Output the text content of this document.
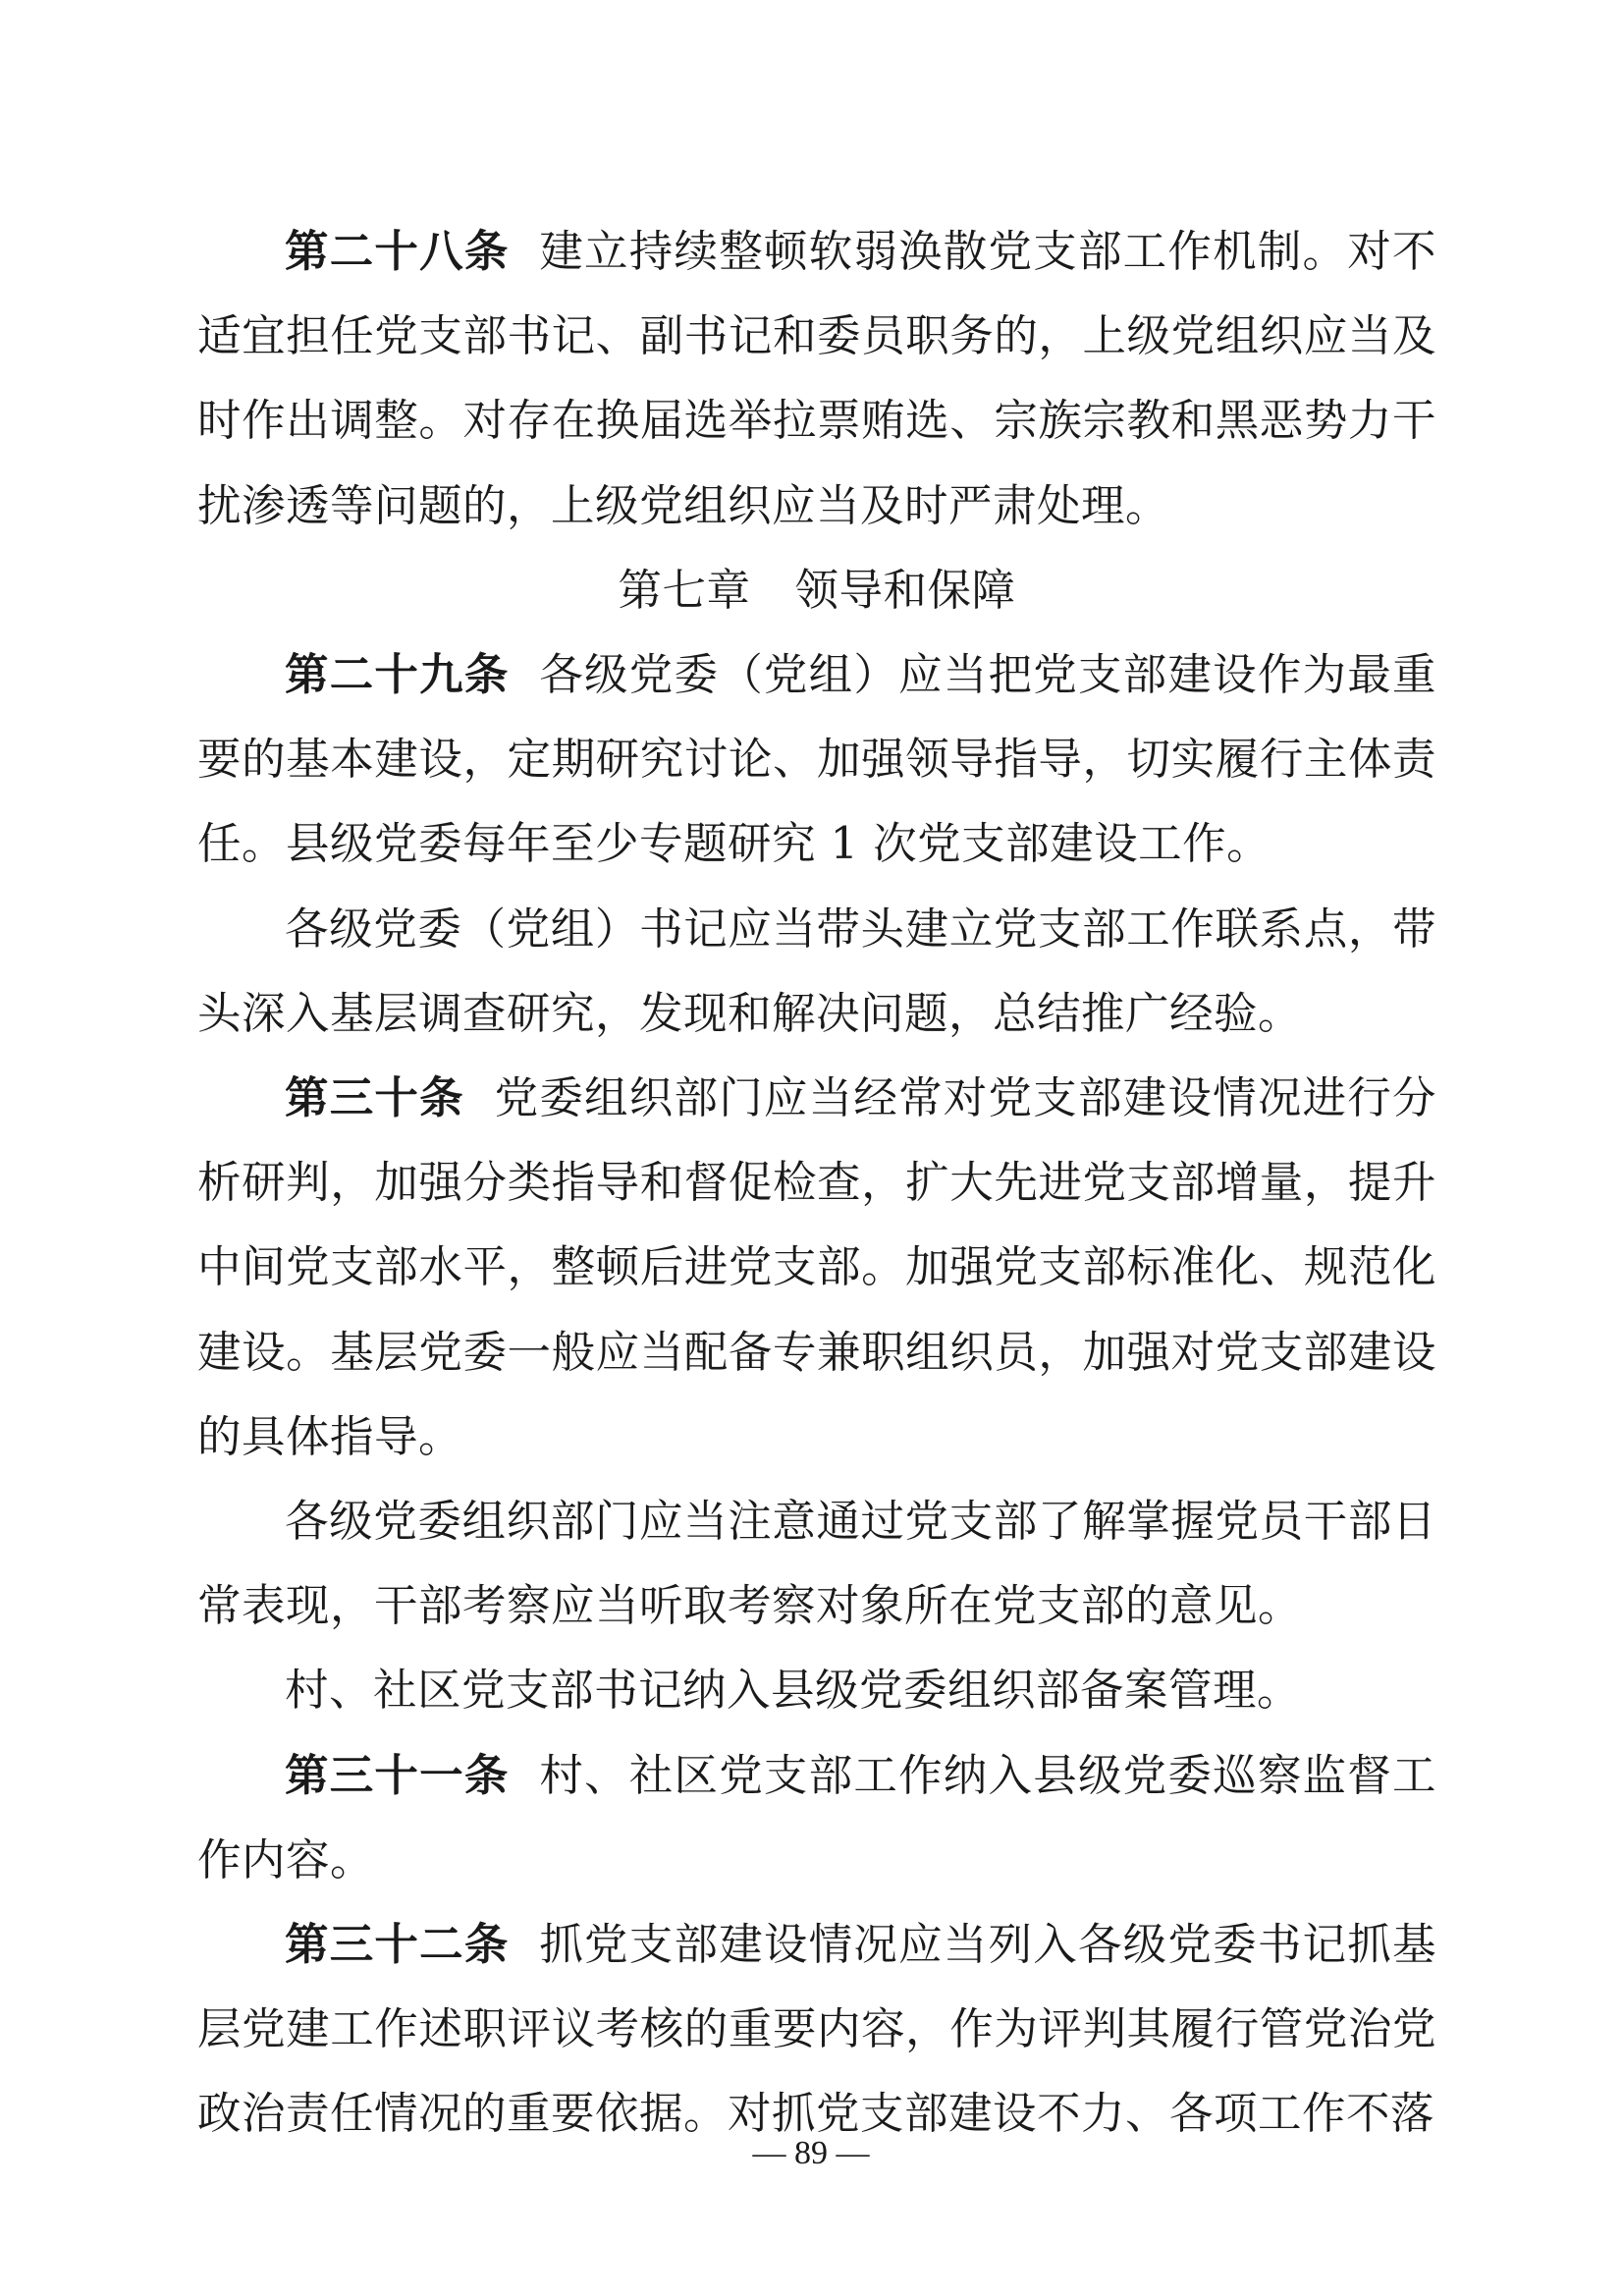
第二十八条 建立持续整顿软弱涣散党支部工作机制。对不适宜担任党支部书记、副书记和委员职务的，上级党组织应当及时作出调整。对存在换届选举拉票贿选、宗族宗教和黑恶势力干扰渗透等问题的，上级党组织应当及时严肃处理。

第七章　领导和保障

第二十九条 各级党委（党组）应当把党支部建设作为最重要的基本建设，定期研究讨论、加强领导指导，切实履行主体责任。县级党委每年至少专题研究 1 次党支部建设工作。

各级党委（党组）书记应当带头建立党支部工作联系点，带头深入基层调查研究，发现和解决问题，总结推广经验。

第三十条 党委组织部门应当经常对党支部建设情况进行分析研判，加强分类指导和督促检查，扩大先进党支部增量，提升中间党支部水平，整顿后进党支部。加强党支部标准化、规范化建设。基层党委一般应当配备专兼职组织员，加强对党支部建设的具体指导。

各级党委组织部门应当注意通过党支部了解掌握党员干部日常表现，干部考察应当听取考察对象所在党支部的意见。

村、社区党支部书记纳入县级党委组织部备案管理。

第三十一条 村、社区党支部工作纳入县级党委巡察监督工作内容。

第三十二条 抓党支部建设情况应当列入各级党委书记抓基层党建工作述职评议考核的重要内容，作为评判其履行管党治党政治责任情况的重要依据。对抓党支部建设不力、各项工作不落

— 89 —
